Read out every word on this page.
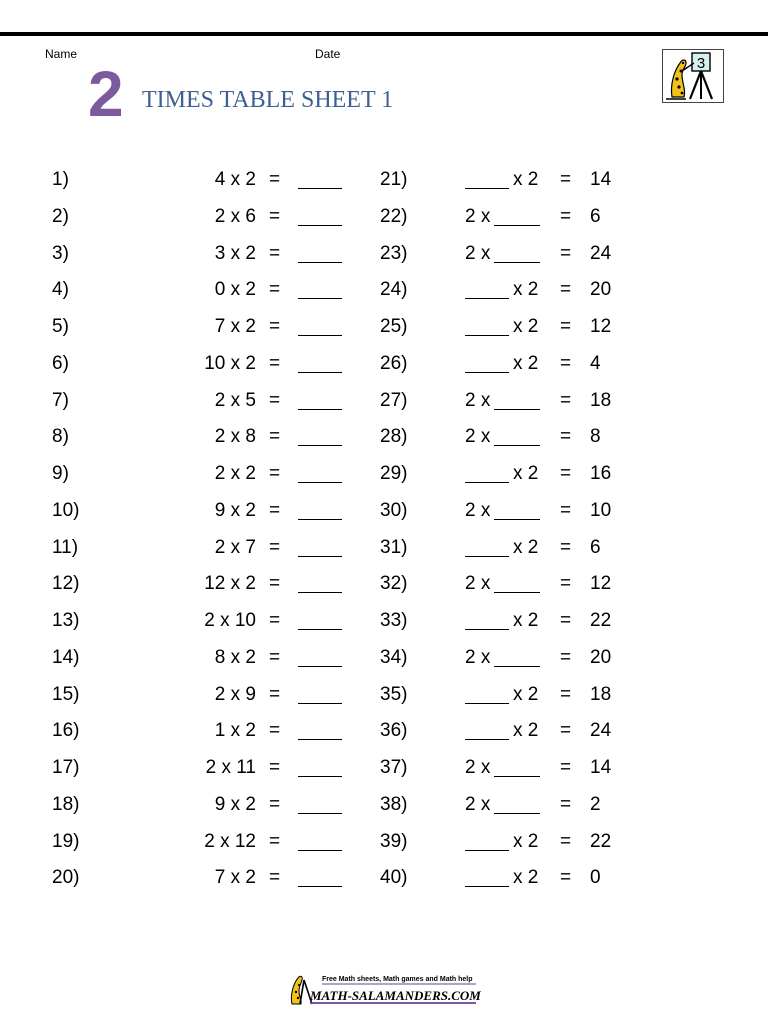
Name	Date
2 TIMES TABLE SHEET 1
3
1)	4 x 2 =
2)	2 x 6 =
3)	3 x 2 =
4)	0 x 2 =
5)	7 x 2 =
6)	10 x 2 =
7)	2 x 5 =
8)	2 x 8 =
9)	2 x 2 =
10)	9 x 2 =
11)	2 x 7 =
12)	12 x 2 =
13)	2 x 10 =
14)	8 x 2 =
15)	2 x 9 =
16)	1 x 2 =
17)	2 x 11 =
18)	9 x 2 =
19)	2 x 12 =
20)	7 x 2 =
21)	x 2 = 14
22)	2 x	= 6
23)	2 x	= 24
24)	x 2 = 20
25)	x 2 = 12
26)	x 2 = 4
27)	2 x	= 18
28)	2 x	= 8
29)	x 2 = 16
30)	2 x	= 10
31)	x 2 = 6
32)	2 x	= 12
33)	x 2 = 22
34)	2 x	= 20
35)	x 2 = 18
36)	x 2 = 24
37)	2 x	= 14
38)	2 x	= 2
39)	x 2 = 22
40)	x 2 = 0
Free Math sheets, Math games and Math help
MATH-SALAMANDERS.COM
